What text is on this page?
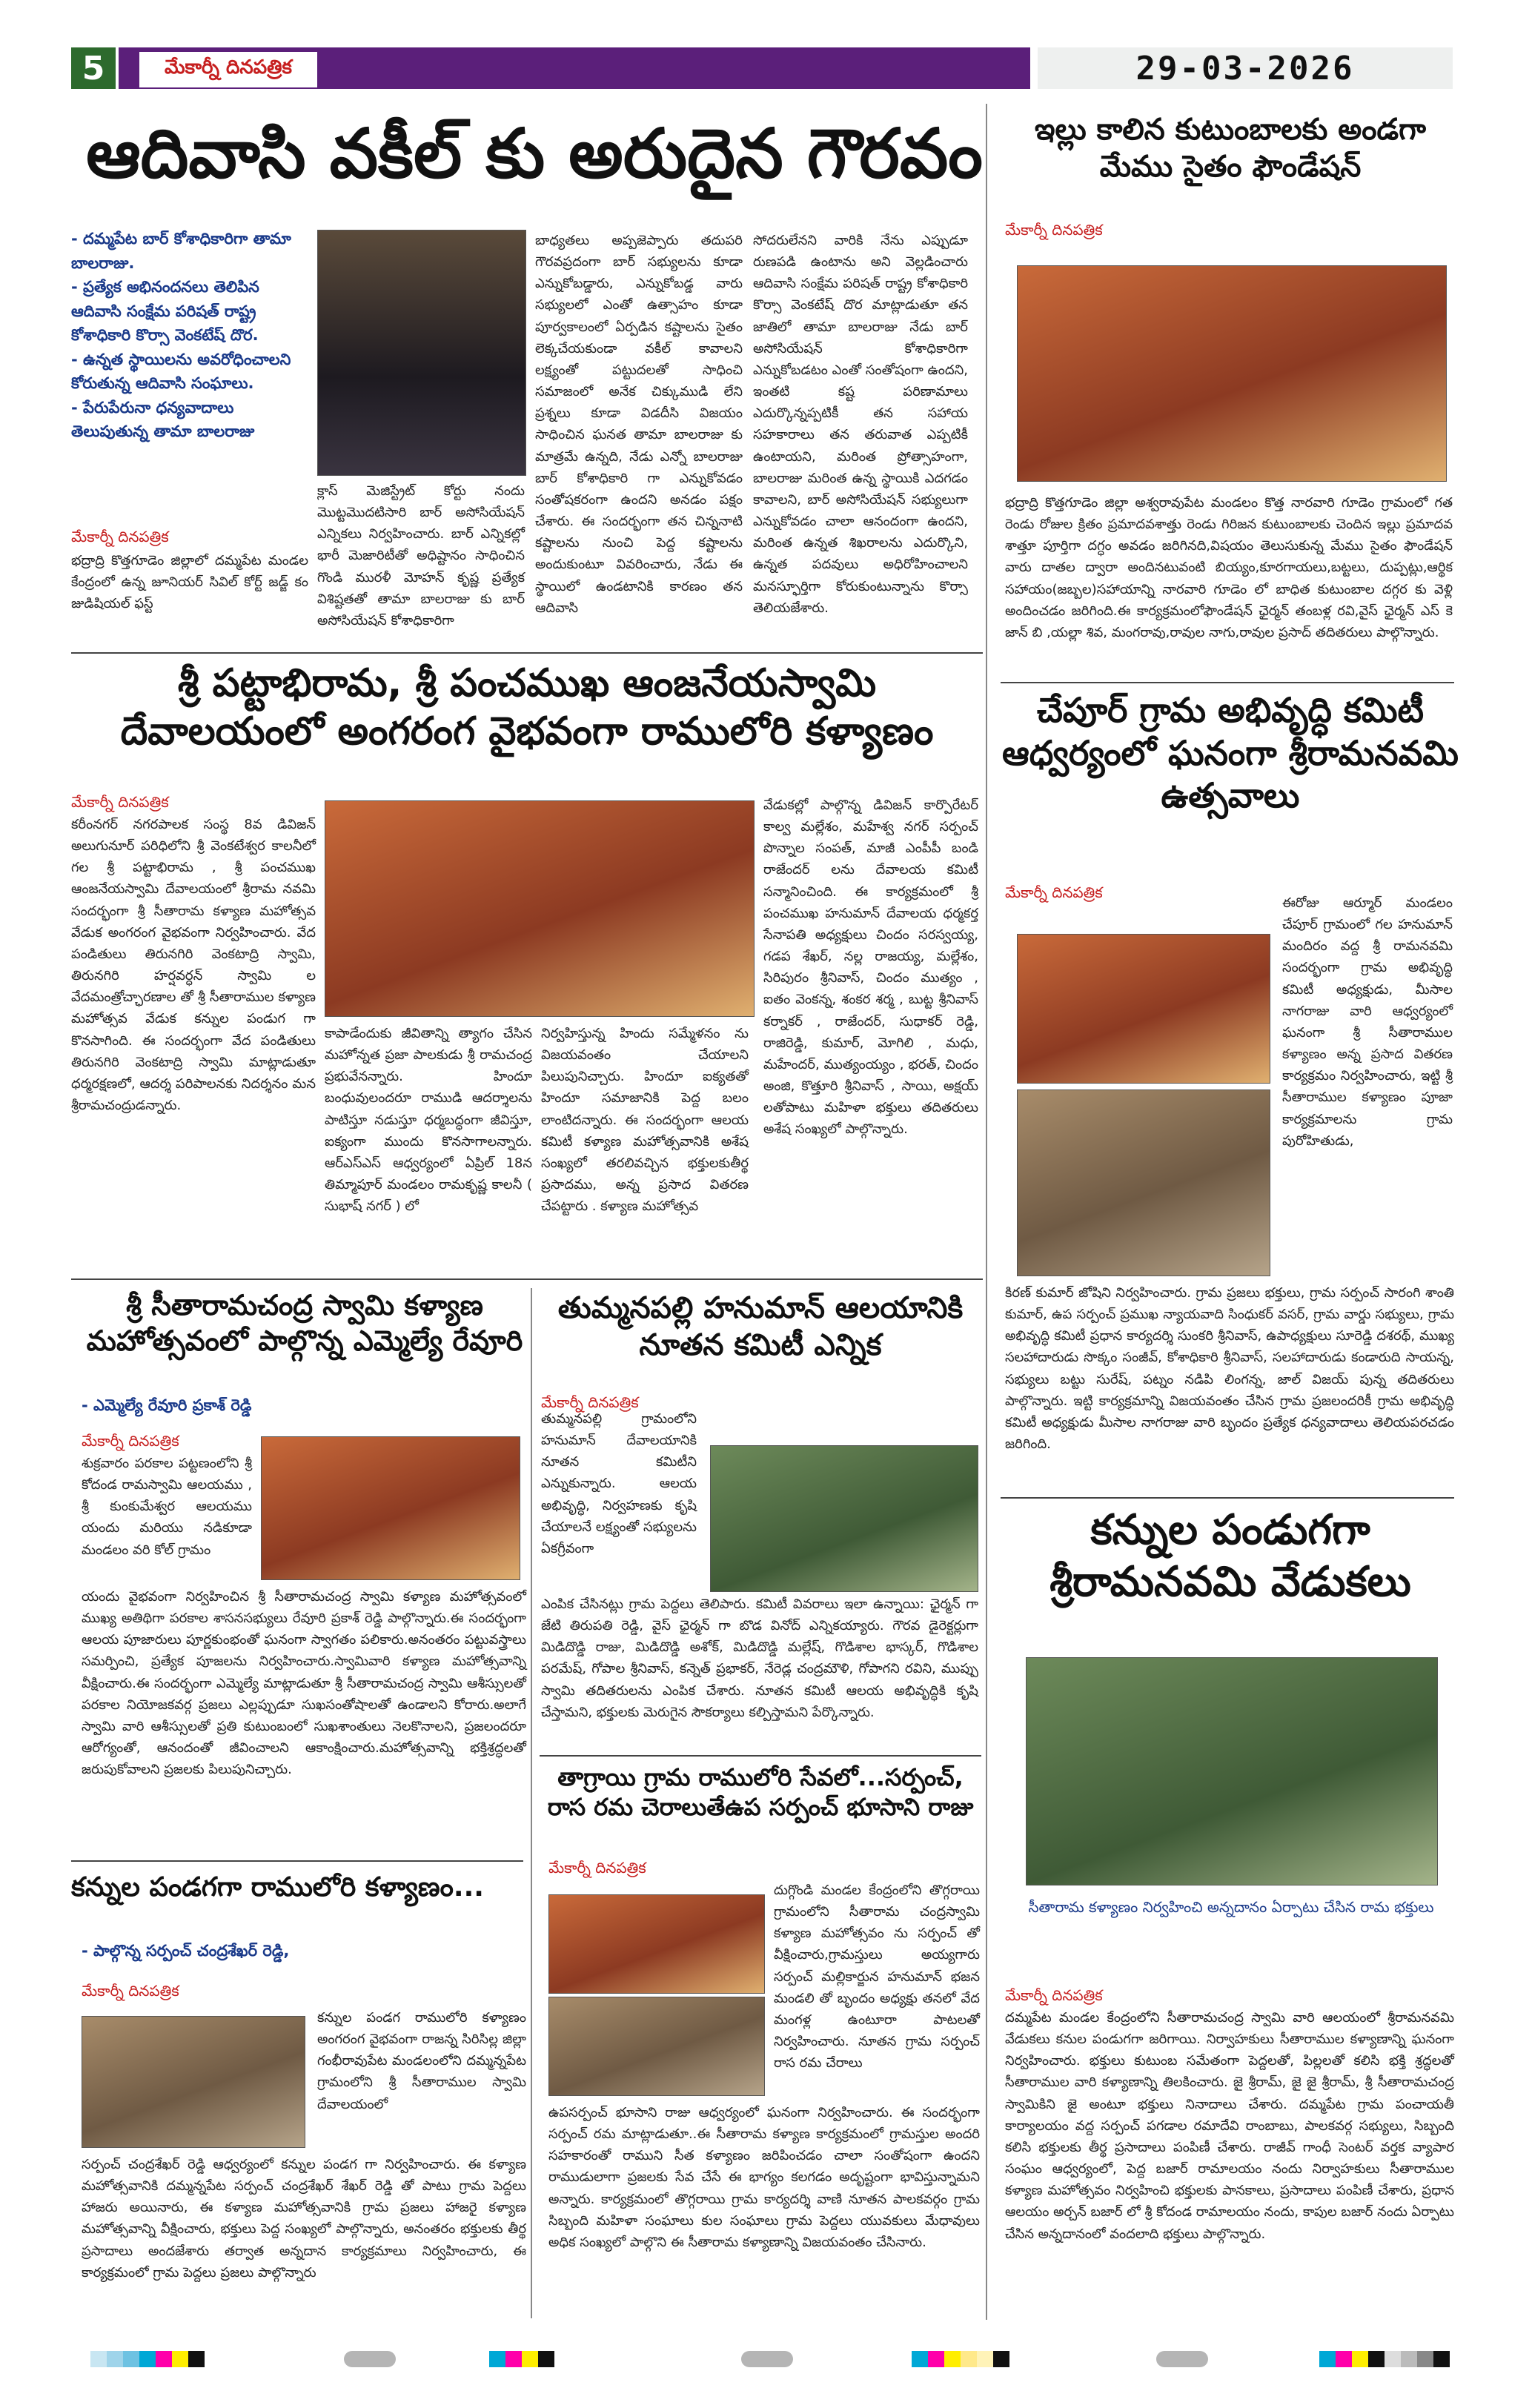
5	మేకార్నీ దినపత్రిక	29-03-2026
ఆదివాసి వకీల్ కు అరుదైన గౌరవం
- దమ్మపేట బార్ కోశాధికారిగా తామా బాలరాజు.
- ప్రత్యేక అభినందనలు తెలిపిన ఆదివాసి సంక్షేమ పరిషత్ రాష్ట్ర కోశాధికారి కొర్సా వెంకటేష్ దొర.
- ఉన్నత స్థాయిలను అవరోధించాలని కోరుతున్న ఆదివాసి సంఘాలు.
- పేరుపేరునా ధన్యవాదాలు తెలుపుతున్న తామా బాలరాజు
మేకార్నీ దినపత్రిక
భద్రాద్రి కొత్తగూడెం జిల్లాలో దమ్మపేట మండల కేంద్రంలో ఉన్న జూనియర్ సివిల్ కోర్ట్ జడ్జ్ కం జుడిషియల్ ఫస్ట్
క్లాస్ మెజిస్ట్రేట్ కోర్టు నందు మొట్టమొదటిసారి బార్ అసోసియేషన్ ఎన్నికలు నిర్వహించారు. బార్ ఎన్నికల్లో భారీ మెజారిటీతో అధిష్టానం సాధించిన గొండి మురళీ మోహన్ కృష్ణ ప్రత్యేక విశిష్టతతో తామా బాలరాజు కు బార్ అసోసియేషన్ కోశాధికారిగా
బాధ్యతలు అప్పజెప్పారు తదుపరి గౌరవప్రదంగా బార్ సభ్యులను కూడా ఎన్నుకోబడ్డారు, ఎన్నుకోబడ్డ వారు సభ్యులలో ఎంతో ఉత్సాహం కూడా పూర్వకాలంలో ఏర్పడిన కష్టాలను సైతం లెక్కచేయకుండా వకీల్ కావాలని లక్ష్యంతో పట్టుదలతో సాధించి సమాజంలో అనేక చిక్కుముడి లేని ప్రశ్నలు కూడా విడదీసి విజయం సాధించిన ఘనత తామా బాలరాజు కు మాత్రమే ఉన్నది, నేడు ఎన్నో బాలరాజు బార్ కోశాధికారి గా ఎన్నుకోవడం సంతోషకరంగా ఉందని అనడం పక్షం చేశారు. ఈ సందర్భంగా తన చిన్ననాటి కష్టాలను నుంచి పెద్ద కష్టాలను అందుకుంటూ వివరించారు, నేడు ఈ స్థాయిలో ఉండటానికి కారణం తన ఆదివాసి
సోదరులేనని వారికి నేను ఎప్పుడూ రుణపడి ఉంటాను అని వెల్లడించారు ఆదివాసి సంక్షేమ పరిషత్ రాష్ట్ర కోశాధికారి కొర్సా వెంకటేష్ దొర మాట్లాడుతూ తన జాతిలో తామా బాలరాజు నేడు బార్ అసోసియేషన్ కోశాధికారిగా ఎన్నుకోబడటం ఎంతో సంతోషంగా ఉందని, ఇంతటి కష్ట పరిణామాలు ఎదుర్కొన్నప్పటికీ తన సహాయ సహకారాలు తన తరువాత ఎప్పటికీ ఉంటాయని, మరింత ప్రోత్సాహంగా, బాలరాజు మరింత ఉన్న స్థాయికి ఎదగడం కావాలని, బార్ అసోసియేషన్ సభ్యులుగా ఎన్నుకోవడం చాలా ఆనందంగా ఉందని, మరింత ఉన్నత శిఖరాలను ఎదుర్కొని, ఉన్నత పదవులు అధిరోహించాలని మనస్ఫూర్తిగా కోరుకుంటున్నాను కొర్సా తెలియజేశారు.
ఇల్లు కాలిన కుటుంబాలకు అండగా మేము సైతం ఫౌండేషన్
మేకార్నీ దినపత్రిక
భద్రాద్రి కొత్తగూడెం జిల్లా అశ్వరావుపేట మండలం కొత్త నారవారి గూడెం గ్రామంలో గత రెండు రోజుల క్రితం ప్రమాదవశాత్తు రెండు గిరిజన కుటుంబాలకు చెందిన ఇల్లు ప్రమాదవ శాత్తూ పూర్తిగా దగ్ధం అవడం జరిగినది,విషయం తెలుసుకున్న మేము సైతం ఫౌండేషన్ వారు దాతల ద్వారా అందినటువంటి బియ్యం,కూరగాయలు,బట్టలు, దుప్పట్లు,ఆర్థిక సహాయం(జబ్బల)సహాయాన్ని నారవారి గూడెం లో బాధిత కుటుంబాల దగ్గర కు వెళ్లి అందించడం జరిగింది.ఈ కార్యక్రమంలోఫౌండేషన్ ఛైర్మన్ తంబళ్ల రవి,వైస్ ఛైర్మన్ ఎస్ కె జాన్ బి ,యల్లా శివ, మంగరావు,రావుల నాగు,రావుల ప్రసాద్ తదితరులు పాల్గొన్నారు.
శ్రీ పట్టాభిరామ, శ్రీ పంచముఖ ఆంజనేయస్వామి దేవాలయంలో అంగరంగ వైభవంగా రాములోరి కళ్యాణం
మేకార్నీ దినపత్రిక
కరీంనగర్ నగరపాలక సంస్థ 8వ డివిజన్ అలుగునూర్ పరిధిలోని శ్రీ వెంకటేశ్వర కాలనీలో గల శ్రీ పట్టాభిరామ , శ్రీ పంచముఖ ఆంజనేయస్వామి దేవాలయంలో శ్రీరామ నవమి సందర్భంగా శ్రీ సీతారామ కళ్యాణ మహోత్సవ వేడుక అంగరంగ వైభవంగా నిర్వహించారు. వేద పండితులు తిరునగిరి వెంకటాద్రి స్వామి, తిరునగిరి హర్షవర్ధన్ స్వామి ల వేదమంత్రోచ్ఛారణాల తో శ్రీ సీతారాముల కళ్యాణ మహోత్సవ వేడుక కన్నుల పండుగ గా కొనసాగింది. ఈ సందర్భంగా వేద పండితులు తిరునగిరి వెంకటాద్రి స్వామి మాట్లాడుతూ ధర్మరక్షణలో, ఆదర్శ పరిపాలనకు నిదర్శనం మన శ్రీరామచంద్రుడన్నారు.
కాపాడేందుకు జీవితాన్ని త్యాగం చేసిన మహోన్నత ప్రజా పాలకుడు శ్రీ రామచంద్ర ప్రభువేనన్నారు. హిందూ బంధువులందరూ రాముడి ఆదర్శాలను పాటిస్తూ నడుస్తూ ధర్మబద్ధంగా జీవిస్తూ, ఐక్యంగా ముందు కొనసాగాలన్నారు. ఆర్ఎస్ఎస్ ఆధ్వర్యంలో ఏప్రిల్ 18న తిమ్మాపూర్ మండలం రామకృష్ణ కాలనీ ( సుభాష్ నగర్ ) లో
నిర్వహిస్తున్న హిందు సమ్మేళనం ను విజయవంతం చేయాలని పిలుపునిచ్చారు. హిందూ ఐక్యతతో హిందూ సమాజానికి పెద్ద బలం లాంటిదన్నారు. ఈ సందర్భంగా ఆలయ కమిటీ కళ్యాణ మహోత్సవానికి అశేష సంఖ్యలో తరలివచ్చిన భక్తులకుతీర్థ ప్రసాదము, అన్న ప్రసాద వితరణ చేపట్టారు . కళ్యాణ మహోత్సవ
వేడుకల్లో పాల్గొన్న డివిజన్ కార్పొరేటర్ కాల్వ మల్లేశం, మహేశ్వ నగర్ సర్పంచ్ పొన్నాల సంపత్, మాజీ ఎంపీపీ బండి రాజేందర్ లను దేవాలయ కమిటీ సన్మానించింది. ఈ కార్యక్రమంలో శ్రీ పంచముఖ హనుమాన్ దేవాలయ ధర్మకర్త సేనాపతి అధ్యక్షులు చిందం సరస్వయ్య, గడప శేఖర్, నల్ల రాజయ్య, మల్లేశం, సిరిపురం శ్రీనివాస్, చిందం ముత్యం , ఐతం వెంకన్న, శంకర శర్మ , బుట్ట శ్రీనివాస్ కర్నాకర్ , రాజేందర్, సుధాకర్ రెడ్డి, రాజిరెడ్డి, కుమార్, మోగిలి , మధు, మహేందర్, ముత్యంయ్యం , భరత్, చిందం అంజి, కొత్తూరి శ్రీనివాస్ , సాయి, అక్షయ్ లతోపాటు మహిళా భక్తులు తదితరులు అశేష సంఖ్యలో పాల్గొన్నారు.
చేపూర్ గ్రామ అభివృద్ధి కమిటీ ఆధ్వర్యంలో ఘనంగా శ్రీరామనవమి ఉత్సవాలు
మేకార్నీ దినపత్రిక
ఈరోజు ఆర్మూర్ మండలం చేపూర్ గ్రామంలో గల హనుమాన్ మందిరం వద్ద శ్రీ రామనవమి సందర్భంగా గ్రామ అభివృద్ధి కమిటీ అధ్యక్షుడు, మీసాల నాగరాజు వారి ఆధ్వర్యంలో ఘనంగా శ్రీ సీతారాముల కళ్యాణం అన్న ప్రసాద వితరణ కార్యక్రమం నిర్వహించారు, ఇట్టి శ్రీ సీతారాముల కళ్యాణం పూజా కార్యక్రమాలను గ్రామ పురోహితుడు,
కిరణ్ కుమార్ జోషిని నిర్వహించారు. గ్రామ ప్రజలు భక్తులు, గ్రామ సర్పంచ్ సారంగి శాంతి కుమార్, ఉప సర్పంచ్ ప్రముఖ న్యాయవాది సింధుకర్ వసర్, గ్రామ వార్డు సభ్యులు, గ్రామ అభివృద్ధి కమిటీ ప్రధాన కార్యదర్శి సుంకరి శ్రీనివాస్, ఉపాధ్యక్షులు సూరెడ్డి దశరథ్, ముఖ్య సలహాదారుడు సొక్కం సంజీవ్, కోశాధికారి శ్రీనివాస్, సలహాదారుడు కండారుది సాయన్న, సభ్యులు బట్టు సురేష్, పట్నం నడిపి లింగన్న, జాల్ విజయ్ పున్న తదితరులు పాల్గొన్నారు. ఇట్టి కార్యక్రమాన్ని విజయవంతం చేసిన గ్రామ ప్రజలందరికీ గ్రామ అభివృద్ధి కమిటీ అధ్యక్షుడు మీసాల నాగరాజు వారి బృందం ప్రత్యేక ధన్యవాదాలు తెలియపరచడం జరిగింది.
శ్రీ సీతారామచంద్ర స్వామి కళ్యాణ మహోత్సవంలో పాల్గొన్న ఎమ్మెల్యే రేవూరి
- ఎమ్మెల్యే రేవూరి ప్రకాశ్ రెడ్డి
మేకార్నీ దినపత్రిక
శుక్రవారం పరకాల పట్టణంలోని శ్రీ కోదండ రామస్వామి ఆలయము , శ్రీ కుంకుమేశ్వర ఆలయము యందు మరియు నడికూడా మండలం వరి కోల్ గ్రామం
యందు వైభవంగా నిర్వహించిన శ్రీ సీతారామచంద్ర స్వామి కళ్యాణ మహోత్సవంలో ముఖ్య అతిథిగా పరకాల శాసనసభ్యులు రేవూరి ప్రకాశ్ రెడ్డి పాల్గొన్నారు.ఈ సందర్భంగా ఆలయ పూజారులు పూర్ణకుంభంతో ఘనంగా స్వాగతం పలికారు.అనంతరం పట్టువస్త్రాలు సమర్పించి, ప్రత్యేక పూజలను నిర్వహించారు.స్వామివారి కళ్యాణ మహోత్సవాన్ని వీక్షించారు.ఈ సందర్భంగా ఎమ్మెల్యే మాట్లాడుతూ శ్రీ సీతారామచంద్ర స్వామి ఆశీస్సులతో పరకాల నియోజకవర్గ ప్రజలు ఎల్లప్పుడూ సుఖసంతోషాలతో ఉండాలని కోరారు.అలాగే స్వామి వారి ఆశీస్సులతో ప్రతి కుటుంబంలో సుఖశాంతులు నెలకొనాలని, ప్రజలందరూ ఆరోగ్యంతో, ఆనందంతో జీవించాలని ఆకాంక్షించారు.మహోత్సవాన్ని భక్తిశ్రద్ధలతో జరుపుకోవాలని ప్రజలకు పిలుపునిచ్చారు.
తుమ్మనపల్లి హనుమాన్ ఆలయానికి నూతన కమిటీ ఎన్నిక
మేకార్నీ దినపత్రిక
తుమ్మనపల్లి గ్రామంలోని హనుమాన్ దేవాలయానికి నూతన కమిటీని ఎన్నుకున్నారు. ఆలయ అభివృద్ధి, నిర్వహణకు కృషి చేయాలనే లక్ష్యంతో సభ్యులను ఏకగ్రీవంగా
ఎంపిక చేసినట్లు గ్రామ పెద్దలు తెలిపారు. కమిటీ వివరాలు ఇలా ఉన్నాయి: ఛైర్మన్ గా జేటి తిరుపతి రెడ్డి, వైస్ ఛైర్మన్ గా బొడ వినోద్ ఎన్నికయ్యారు. గౌరవ డైరెక్టర్లుగా మిడిదొడ్డి రాజు, మిడిదొడ్డి అశోక్, మిడిదొడ్డి మల్లేష్, గొడిశాల భాస్కర్, గొడిశాల పరమేష్, గోపాల శ్రీనివాస్, కన్నెత్ ప్రభాకర్, నేరెడ్ల చంద్రమౌళి, గోపాగని రవిని, ముప్పు స్వామి తదితరులను ఎంపిక చేశారు. నూతన కమిటీ ఆలయ అభివృద్ధికి కృషి చేస్తామని, భక్తులకు మెరుగైన సౌకర్యాలు కల్పిస్తామని పేర్కొన్నారు.
కన్నుల పండుగగా శ్రీరామనవమి వేడుకలు
సీతారామ కళ్యాణం నిర్వహించి అన్నదానం ఏర్పాటు చేసిన రామ భక్తులు
మేకార్నీ దినపత్రిక
దమ్మపేట మండల కేంద్రంలోని సీతారామచంద్ర స్వామి వారి ఆలయంలో శ్రీరామనవమి వేడుకలు కనుల పండుగగా జరిగాయి. నిర్వాహకులు సీతారాముల కళ్యాణాన్ని ఘనంగా నిర్వహించారు. భక్తులు కుటుంబ సమేతంగా పెద్దలతో, పిల్లలతో కలిసి భక్తి శ్రద్ధలతో సీతారాముల వారి కళ్యాణాన్ని తిలకించారు. జై శ్రీరామ్, జై జై శ్రీరామ్, శ్రీ సీతారామచంద్ర స్వామికిని జై అంటూ భక్తులు నినాదాలు చేశారు. దమ్మపేట గ్రామ పంచాయతీ కార్యాలయం వద్ద సర్పంచ్ పగడాల రమాదేవి రాంబాబు, పాలకవర్గ సభ్యులు, సిబ్బంది కలిసి భక్తులకు తీర్థ ప్రసాదాలు పంపిణీ చేశారు. రాజీవ్ గాంధీ సెంటర్ వర్తక వ్యాపార సంఘం ఆధ్వర్యంలో, పెద్ద బజార్ రామాలయం నందు నిర్వాహకులు సీతారాముల కళ్యాణ మహోత్సవం నిర్వహించి భక్తులకు పానకాలు, ప్రసాదాలు పంపిణీ చేశారు, ప్రధాన ఆలయం అర్చన్ బజార్ లో శ్రీ కోదండ రామాలయం నందు, కాపుల బజార్ నందు ఏర్పాటు చేసిన అన్నదానంలో వందలాది భక్తులు పాల్గొన్నారు.
కన్నుల పండగగా రాములోరి కళ్యాణం...
- పాల్గొన్న సర్పంచ్ చంద్రశేఖర్ రెడ్డి,
మేకార్నీ దినపత్రిక
కన్నుల పండగ రాములోరి కళ్యాణం అంగరంగ వైభవంగా రాజన్న సిరిసిల్ల జిల్లా గంభీరావుపేట మండలంలోని దమ్మన్నపేట గ్రామంలోని శ్రీ సీతారాముల స్వామి దేవాలయంలో
సర్పంచ్ చంద్రశేఖర్ రెడ్డి ఆధ్వర్యంలో కన్నుల పండగ గా నిర్వహించారు. ఈ కళ్యాణ మహోత్సవానికి దమ్మన్నపేట సర్పంచ్ చంద్రశేఖర్ శేఖర్ రెడ్డి తో పాటు గ్రామ పెద్దలు హాజరు అయినారు, ఈ కళ్యాణ మహోత్సవానికి గ్రామ ప్రజలు హాజరై కళ్యాణ మహోత్సవాన్ని వీక్షించారు, భక్తులు పెద్ద సంఖ్యలో పాల్గొన్నారు, అనంతరం భక్తులకు తీర్థ ప్రసాదాలు అందజేశారు తర్వాత అన్నదాన కార్యక్రమాలు నిర్వహించారు, ఈ కార్యక్రమంలో గ్రామ పెద్దలు ప్రజలు పాల్గొన్నారు
తాగ్రాయి గ్రామ రాములోరి సేవలో...సర్పంచ్, రాస రమ చెరాలుతేఉప సర్పంచ్ భూసాని రాజు
మేకార్నీ దినపత్రిక
దుగ్గొండి మండల కేంద్రంలోని తొగ్గరాయి గ్రామంలోని సీతారామ చంద్రస్వామి కళ్యాణ మహోత్సవం ను సర్పంచ్ తో వీక్షించారు,గ్రామస్తులు అయ్యగారు సర్పంచ్ మల్లికార్జున హనుమాన్ భజన మండలి తో బృందం అధ్యక్షు తనలో వేద మంగళ్ల ఉంటూరా పాటలతో నిర్వహించారు. నూతన గ్రామ సర్పంచ్ రాస రమ చేరాలు
ఉపసర్పంచ్ భూసాని రాజు ఆధ్వర్యంలో ఘనంగా నిర్వహించారు. ఈ సందర్భంగా సర్పంచ్ రమ మాట్లాడుతూ..ఈ సీతారామ కళ్యాణ కార్యక్రమంలో గ్రామస్తుల అందరి సహకారంతో రాముని సీత కళ్యాణం జరిపించడం చాలా సంతోషంగా ఉందని రాముడులాగా ప్రజలకు సేవ చేసే ఈ భాగ్యం కలగడం అదృష్టంగా భావిస్తున్నామని అన్నారు. కార్యక్రమంలో తొగ్గరాయి గ్రామ కార్యదర్శి వాణి నూతన పాలకవర్గం గ్రామ సిబ్బంది మహిళా సంఘాలు కుల సంఘాలు గ్రామ పెద్దలు యువకులు మేధావులు అధిక సంఖ్యలో పాల్గొని ఈ సీతారామ కళ్యాణాన్ని విజయవంతం చేసినారు.
